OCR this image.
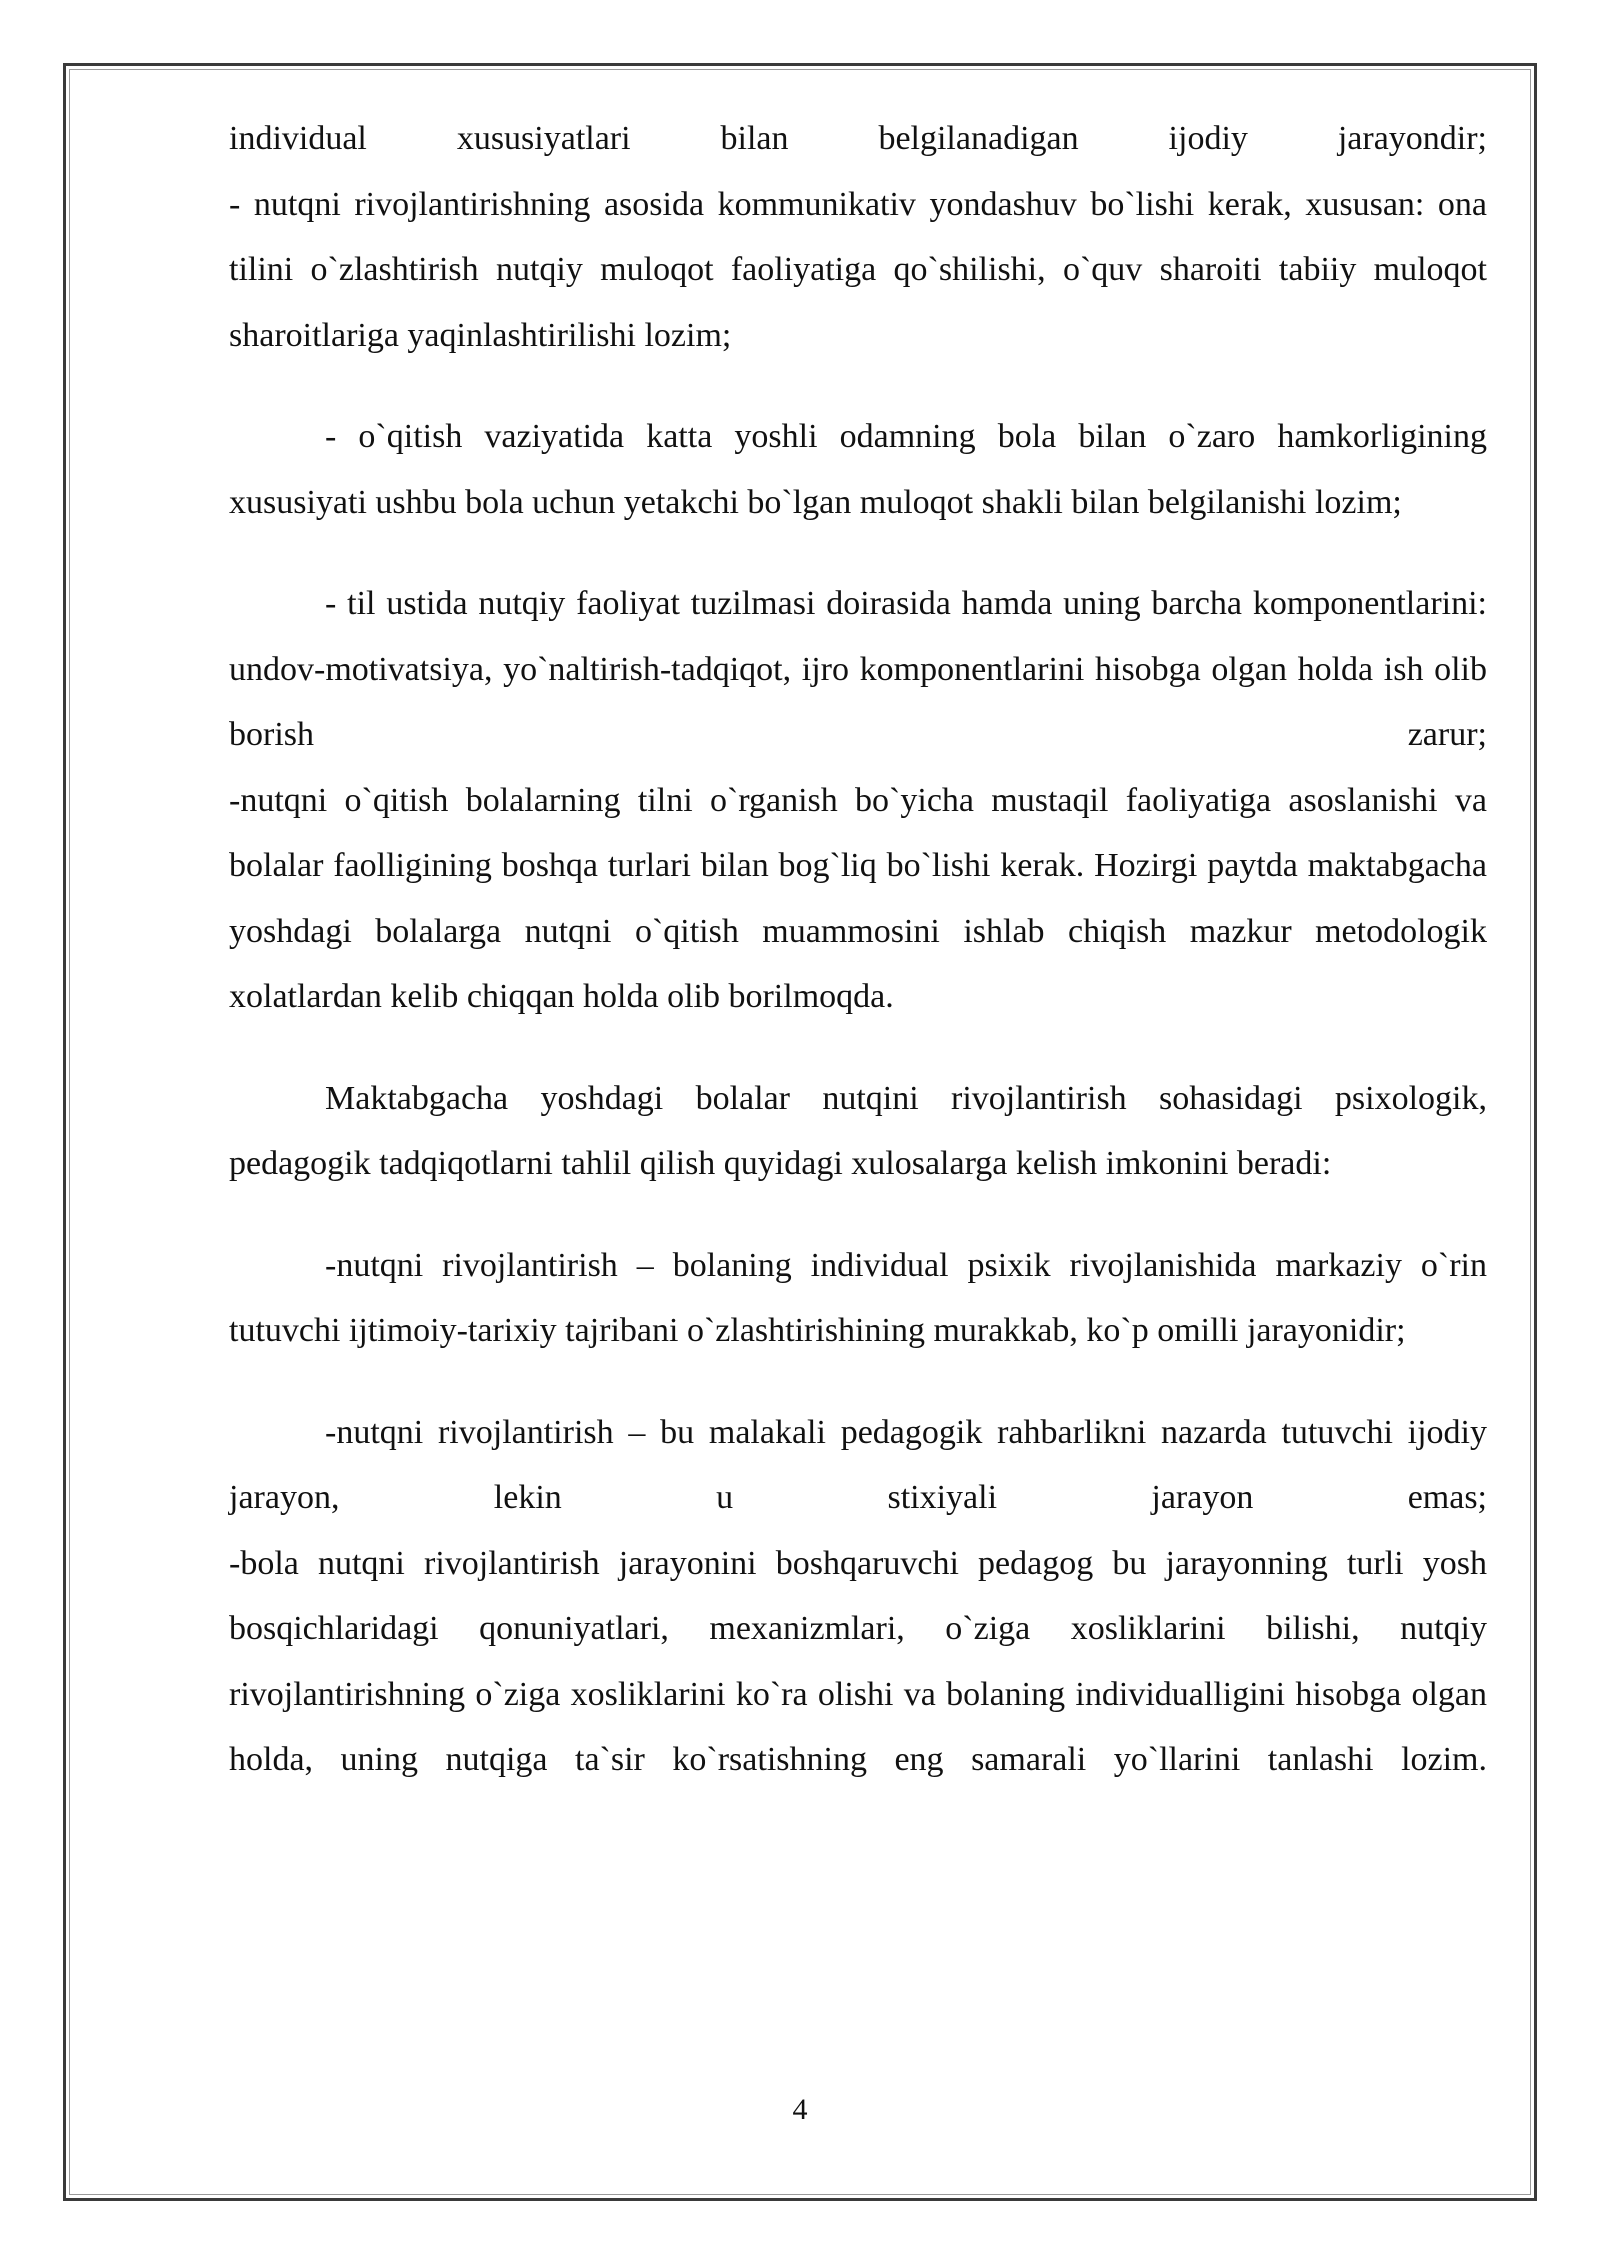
individual xususiyatlari bilan belgilanadigan ijodiy jarayondir;

- nutqni rivojlantirishning asosida kommunikativ yondashuv bo`lishi kerak, xususan: ona tilini o`zlashtirish nutqiy muloqot faoliyatiga qo`shilishi, o`quv sharoiti tabiiy muloqot sharoitlariga yaqinlashtirilishi lozim;

- o`qitish vaziyatida katta yoshli odamning bola bilan o`zaro hamkorligining xususiyati ushbu bola uchun yetakchi bo`lgan muloqot shakli bilan belgilanishi lozim;

- til ustida nutqiy faoliyat tuzilmasi doirasida hamda uning barcha komponentlarini: undov-motivatsiya, yo`naltirish-tadqiqot, ijro komponentlarini hisobga olgan holda ish olib borish zarur;

-nutqni o`qitish bolalarning tilni o`rganish bo`yicha mustaqil faoliyatiga asoslanishi va bolalar faolligining boshqa turlari bilan bog`liq bo`lishi kerak. Hozirgi paytda maktabgacha yoshdagi bolalarga nutqni o`qitish muammosini ishlab chiqish mazkur metodologik xolatlardan kelib chiqqan holda olib borilmoqda.

Maktabgacha yoshdagi bolalar nutqini rivojlantirish sohasidagi psixologik, pedagogik tadqiqotlarni tahlil qilish quyidagi xulosalarga kelish imkonini beradi:

-nutqni rivojlantirish – bolaning individual psixik rivojlanishida markaziy o`rin tutuvchi ijtimoiy-tarixiy tajribani o`zlashtirishining murakkab, ko`p omilli jarayonidir;

-nutqni rivojlantirish – bu malakali pedagogik rahbarlikni nazarda tutuvchi ijodiy jarayon, lekin u stixiyali jarayon emas;

-bola nutqni rivojlantirish jarayonini boshqaruvchi pedagog bu jarayonning turli yosh bosqichlaridagi qonuniyatlari, mexanizmlari, o`ziga xosliklarini bilishi, nutqiy rivojlantirishning o`ziga xosliklarini ko`ra olishi va bolaning individualligini hisobga olgan holda, uning nutqiga ta`sir ko`rsatishning eng samarali yo`llarini tanlashi lozim.

4
